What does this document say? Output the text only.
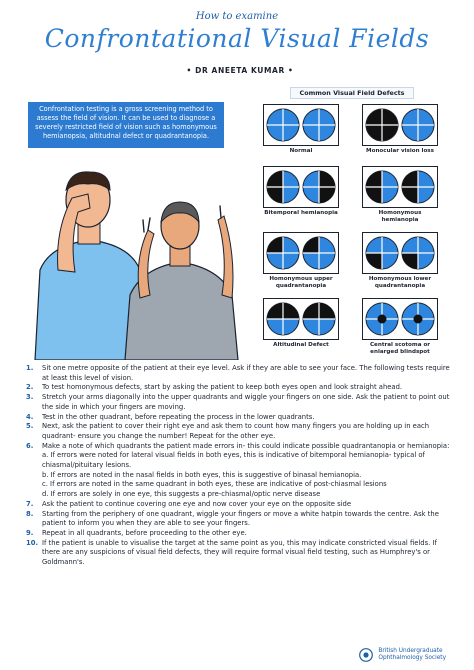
How to examine
Confrontational Visual Fields
• DR ANEETA KUMAR •
Confrontation testing is a gross screening method to assess the field of vision. It can be used to diagnose a severely restricted field of vision such as homonymous hemianopsia, altitudnal defect or quadrantanopia.
Common Visual Field Defects
Normal	Monocular vision loss
Bitemporal hemianopia	Homonymous hemianopia
Homonymous upper quadrantanopia
Homonymous lower quadrantanopia
Altitudinal Defect	Central scotoma or enlarged blindspot
1. Sit one metre opposite of the patient at their eye level. Ask if they are able to see your face. The following tests require at least this level of vision.
2. To test homonymous defects, start by asking the patient to keep both eyes open and look straight ahead.
3. Stretch your arms diagonally into the upper quadrants and wiggle your fingers on one side. Ask the patient to point out the side in which your fingers are moving.
4. Test in the other quadrant, before repeating the process in the lower quadrants.
5. Next, ask the patient to cover their right eye and ask them to count how many fingers you are holding up in each quadrant- ensure you change the number! Repeat for the other eye.
6. Make a note of which quadrants the patient made errors in- this could indicate possible quadrantanopia or hemianopia:
a. If errors were noted for lateral visual fields in both eyes, this is indicative of bitemporal hemianopia- typical of chiasmal/pituitary lesions.
b. If errors are noted in the nasal fields in both eyes, this is suggestive of binasal hemianopia.
c. If errors are noted in the same quadrant in both eyes, these are indicative of post-chiasmal lesions
d. If errors are solely in one eye, this suggests a pre-chiasmal/optic nerve disease
7. Ask the patient to continue covering one eye and now cover your eye on the opposite side
8. Starting from the periphery of one quadrant, wiggle your fingers or move a white hatpin towards the centre. Ask the patient to inform you when they are able to see your fingers.
9. Repeat in all quadrants, before proceeding to the other eye.
10. If the patient is unable to visualise the target at the same point as you, this may indicate constricted visual fields. If there are any suspicions of visual field defects, they will require formal visual field testing, such as Humphrey's or Goldmann's.
British Undergraduate
Ophthalmology Society
